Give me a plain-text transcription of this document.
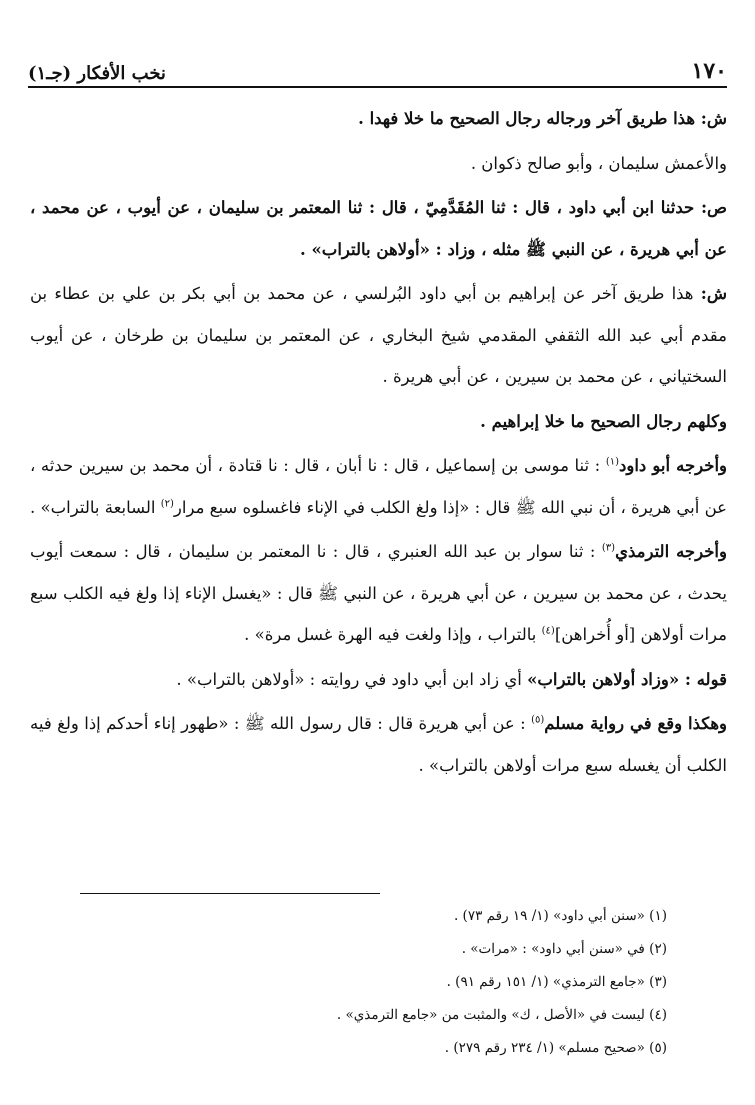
١٧٠
نخب الأفكار (جـ١)

ش: هذا طريق آخر ورجاله رجال الصحيح ما خلا فهدا .

والأعمش سليمان ، وأبو صالح ذكوان .

ص: حدثنا ابن أبي داود ، قال : ثنا المُقَدَّمِيّ ، قال : ثنا المعتمر بن سليمان ، عن أيوب ، عن محمد ، عن أبي هريرة ، عن النبي ﷺ مثله ، وزاد : «أولاهن بالتراب» .

ش: هذا طريق آخر عن إبراهيم بن أبي داود البُرلسي ، عن محمد بن أبي بكر بن علي بن عطاء بن مقدم أبي عبد الله الثقفي المقدمي شيخ البخاري ، عن المعتمر بن سليمان بن طرخان ، عن أيوب السختياني ، عن محمد بن سيرين ، عن أبي هريرة .

وكلهم رجال الصحيح ما خلا إبراهيم .

وأخرجه أبو داود$^{(١)}$ : ثنا موسى بن إسماعيل ، قال : نا أبان ، قال : نا قتادة ، أن محمد بن سيرين حدثه ، عن أبي هريرة ، أن نبي الله ﷺ قال : «إذا ولغ الكلب في الإناء فاغسلوه سبع مرار$^{(٢)}$ السابعة بالتراب» .

وأخرجه الترمذي$^{(٣)}$ : ثنا سوار بن عبد الله العنبري ، قال : نا المعتمر بن سليمان ، قال : سمعت أيوب يحدث ، عن محمد بن سيرين ، عن أبي هريرة ، عن النبي ﷺ قال : «يغسل الإناء إذا ولغ فيه الكلب سبع مرات أولاهن [أو أُخراهن]$^{(٤)}$ بالتراب ، وإذا ولغت فيه الهرة غسل مرة» .

قوله : «وزاد أولاهن بالتراب» أي زاد ابن أبي داود في روايته : «أولاهن بالتراب» .

وهكذا وقع في رواية مسلم$^{(٥)}$ : عن أبي هريرة قال : قال رسول الله ﷺ : «طهور إناء أحدكم إذا ولغ فيه الكلب أن يغسله سبع مرات أولاهن بالتراب» .

(١) «سنن أبي داود» (١/ ١٩ رقم ٧٣) .
(٢) في «سنن أبي داود» : «مرات» .
(٣) «جامع الترمذي» (١/ ١٥١ رقم ٩١) .
(٤) ليست في «الأصل ، ك» والمثبت من «جامع الترمذي» .
(٥) «صحيح مسلم» (١/ ٢٣٤ رقم ٢٧٩) .
